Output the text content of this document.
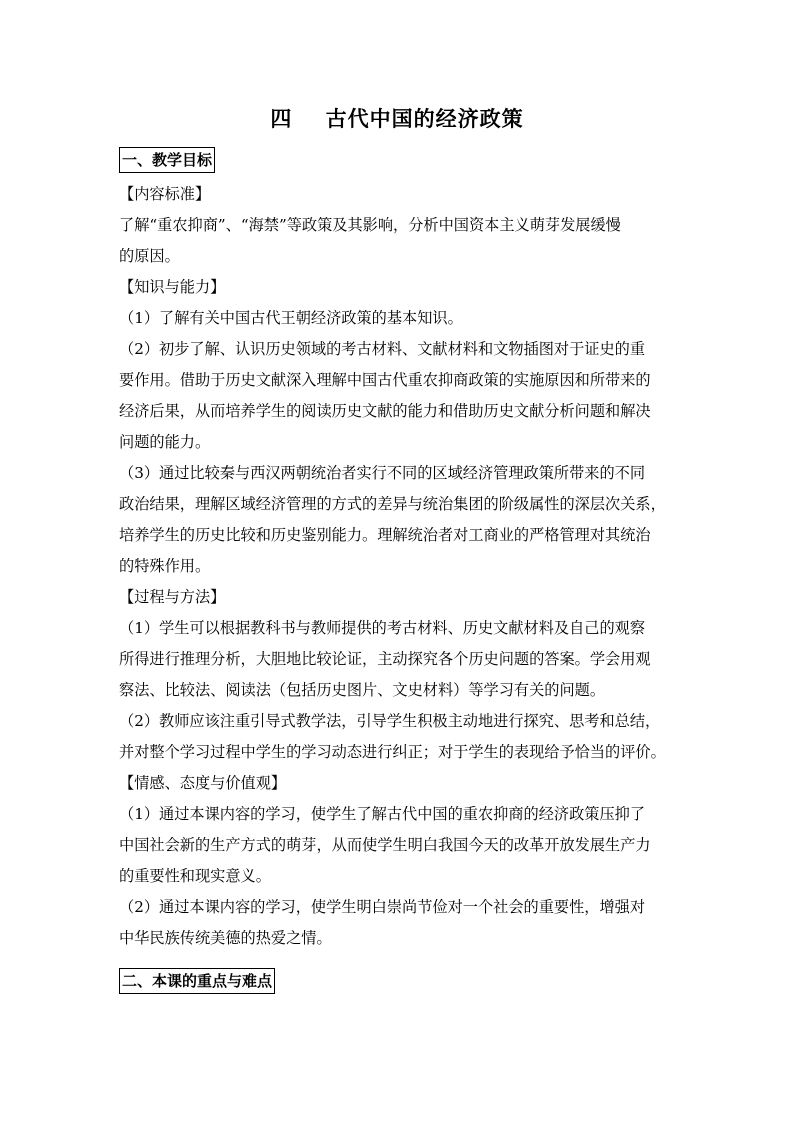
四    古代中国的经济政策
一、教学目标
【内容标准】
了解“重农抑商”、“海禁”等政策及其影响，分析中国资本主义萌芽发展缓慢
的原因。
【知识与能力】
（1）了解有关中国古代王朝经济政策的基本知识。
（2）初步了解、认识历史领域的考古材料、文献材料和文物插图对于证史的重
要作用。借助于历史文献深入理解中国古代重农抑商政策的实施原因和所带来的
经济后果，从而培养学生的阅读历史文献的能力和借助历史文献分析问题和解决
问题的能力。
（3）通过比较秦与西汉两朝统治者实行不同的区域经济管理政策所带来的不同
政治结果，理解区域经济管理的方式的差异与统治集团的阶级属性的深层次关系，
培养学生的历史比较和历史鉴别能力。理解统治者对工商业的严格管理对其统治
的特殊作用。
【过程与方法】
（1）学生可以根据教科书与教师提供的考古材料、历史文献材料及自己的观察
所得进行推理分析，大胆地比较论证，主动探究各个历史问题的答案。学会用观
察法、比较法、阅读法（包括历史图片、文史材料）等学习有关的问题。
（2）教师应该注重引导式教学法，引导学生积极主动地进行探究、思考和总结，
并对整个学习过程中学生的学习动态进行纠正；对于学生的表现给予恰当的评价。
【情感、态度与价值观】
（1）通过本课内容的学习，使学生了解古代中国的重农抑商的经济政策压抑了
中国社会新的生产方式的萌芽，从而使学生明白我国今天的改革开放发展生产力
的重要性和现实意义。
（2）通过本课内容的学习，使学生明白崇尚节俭对一个社会的重要性，增强对
中华民族传统美德的热爱之情。
二、本课的重点与难点
